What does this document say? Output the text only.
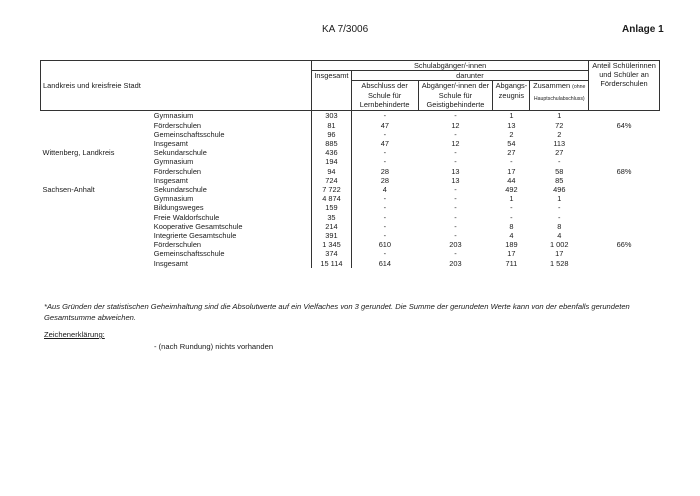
KA 7/3006	Anlage 1
Landkreis und kreisfreie Stadt		Schulabgänger/-innen					Anteil Schülerinnen und Schüler an Förderschulen
		Insgesamt	darunter				
			Abschluss der Schule für Lernbehinderte	Abgänger/-innen der Schule für Geistigbehinderte	Abgangs-zeugnis	Zusammen (ohne Hauptschulabschluss)	
	Gymnasium	303	-	-	1	1	
	Förderschulen	81	47	12	13	72	64%
	Gemeinschaftsschule	96	-	-	2	2	
	Insgesamt	885	47	12	54	113	
Wittenberg, Landkreis	Sekundarschule	436	-	-	27	27	
	Gymnasium	194	-	-	-	-	
	Förderschulen	94	28	13	17	58	68%
	Insgesamt	724	28	13	44	85	
Sachsen-Anhalt	Sekundarschule	7 722	4	-	492	496	
	Gymnasium	4 874	-	-	1	1	
	Bildungsweges	159	-	-	-	-	
	Freie Waldorfschule	35	-	-	-	-	
	Kooperative Gesamtschule	214	-	-	8	8	
	Integrierte Gesamtschule	391	-	-	4	4	
	Förderschulen	1 345	610	203	189	1 002	66%
	Gemeinschaftsschule	374	-	-	17	17	
	Insgesamt	15 114	614	203	711	1 528	
*Aus Gründen der statistischen Geheimhaltung sind die Absolutwerte auf ein Vielfaches von 3 gerundet. Die Summe der gerundeten Werte kann von der ebenfalls gerundeten Gesamtsumme abweichen.
Zeichenerklärung:
- (nach Rundung) nichts vorhanden
